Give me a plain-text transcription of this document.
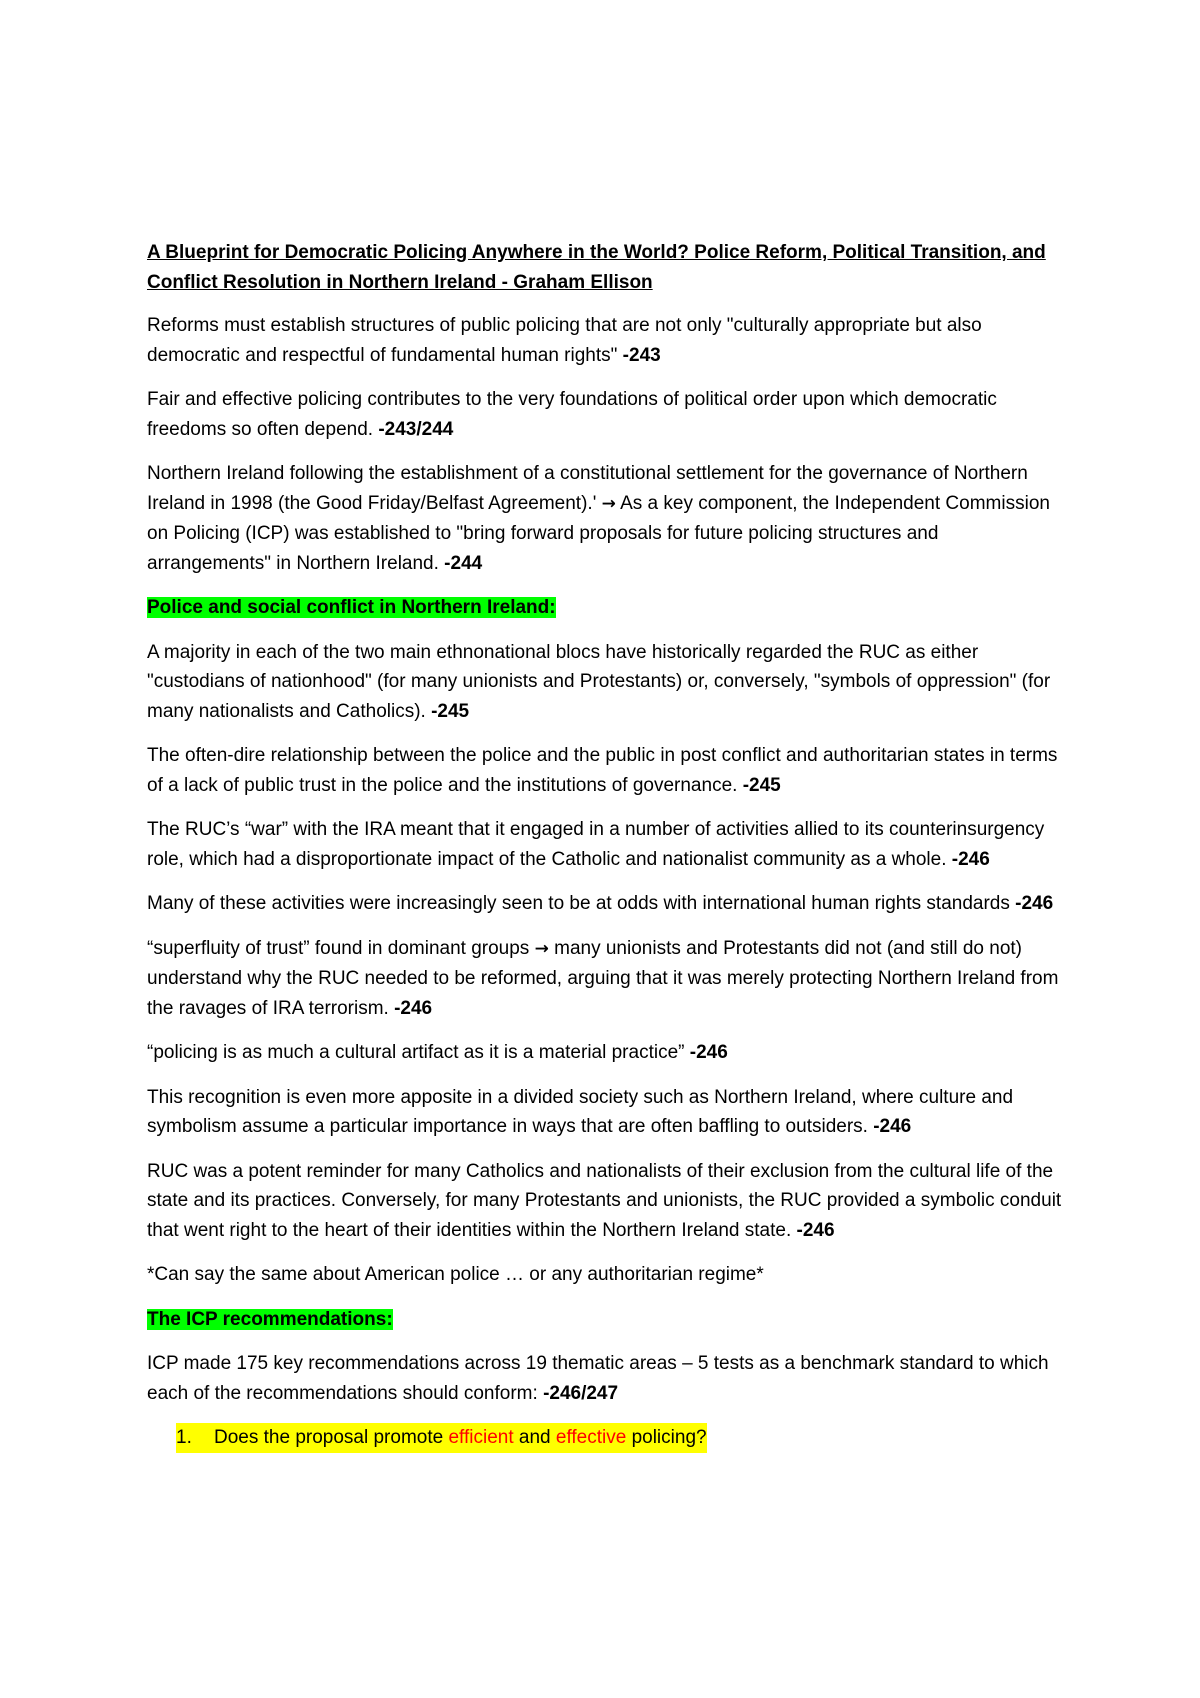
A Blueprint for Democratic Policing Anywhere in the World? Police Reform, Political Transition, and Conflict Resolution in Northern Ireland - Graham Ellison

Reforms must establish structures of public policing that are not only "culturally appropriate but also democratic and respectful of fundamental human rights" -243

Fair and effective policing contributes to the very foundations of political order upon which democratic freedoms so often depend. -243/244

Northern Ireland following the establishment of a constitutional settlement for the governance of Northern Ireland in 1998 (the Good Friday/Belfast Agreement).' → As a key component, the Independent Commission on Policing (ICP) was established to "bring forward proposals for future policing structures and arrangements" in Northern Ireland. -244

Police and social conflict in Northern Ireland:

A majority in each of the two main ethnonational blocs have historically regarded the RUC as either "custodians of nationhood" (for many unionists and Protestants) or, conversely, "symbols of oppression" (for many nationalists and Catholics). -245

The often-dire relationship between the police and the public in post conflict and authoritarian states in terms of a lack of public trust in the police and the institutions of governance. -245

The RUC’s “war” with the IRA meant that it engaged in a number of activities allied to its counterinsurgency role, which had a disproportionate impact of the Catholic and nationalist community as a whole. -246

Many of these activities were increasingly seen to be at odds with international human rights standards -246

“superfluity of trust” found in dominant groups → many unionists and Protestants did not (and still do not) understand why the RUC needed to be reformed, arguing that it was merely protecting Northern Ireland from the ravages of IRA terrorism. -246

“policing is as much a cultural artifact as it is a material practice” -246

This recognition is even more apposite in a divided society such as Northern Ireland, where culture and symbolism assume a particular importance in ways that are often baffling to outsiders. -246

RUC was a potent reminder for many Catholics and nationalists of their exclusion from the cultural life of the state and its practices. Conversely, for many Protestants and unionists, the RUC provided a symbolic conduit that went right to the heart of their identities within the Northern Ireland state. -246

*Can say the same about American police … or any authoritarian regime*

The ICP recommendations:

ICP made 175 key recommendations across 19 thematic areas – 5 tests as a benchmark standard to which each of the recommendations should conform: -246/247

1. Does the proposal promote efficient and effective policing?
